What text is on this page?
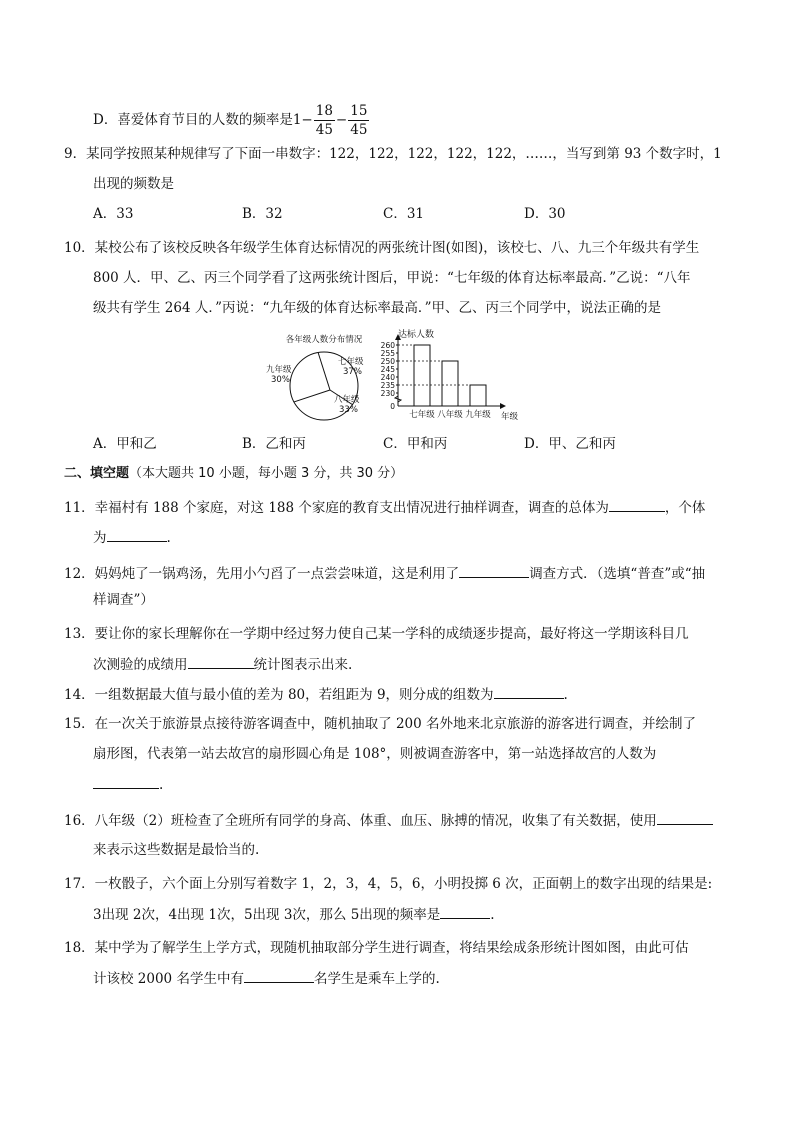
D．喜爱体育节目的人数的频率是$1- \frac{18}{45} - \frac{15}{45}$
9．某同学按照某种规律写了下面一串数字：122，122，122，122，122，……，当写到第 93 个数字时，1
出现的频数是
A．33	B．32	C．31	D．30
10．某校公布了该校反映各年级学生体育达标情况的两张统计图(如图)，该校七、八、九三个年级共有学生
800 人．甲、乙、丙三个同学看了这两张统计图后，甲说：“七年级的体育达标率最高．”乙说：“八年
级共有学生 264 人．”丙说：“九年级的体育达标率最高．”甲、乙、丙三个同学中，说法正确的是
各年级人数分布情况
七年级
37%
八年级
33%
九年级
30%
260
255
250
245
240
235
230
0
七年级 八年级 九年级
达标人数
年级
A．甲和乙	B．乙和丙	C．甲和丙	D．甲、乙和丙
二、填空题（本大题共 10 小题，每小题 3 分，共 30 分）
11．幸福村有 188 个家庭，对这 188 个家庭的教育支出情况进行抽样调查，调查的总体为	，个体
为	.
12．妈妈炖了一锅鸡汤，先用小勺舀了一点尝尝味道，这是利用了	调查方式．（选填“普查”或“抽
样调查”）
13．要让你的家长理解你在一学期中经过努力使自己某一学科的成绩逐步提高，最好将这一学期该科目几
次测验的成绩用	统计图表示出来.
14．一组数据最大值与最小值的差为 80，若组距为 9，则分成的组数为	.
15．在一次关于旅游景点接待游客调查中，随机抽取了 200 名外地来北京旅游的游客进行调查，并绘制了
扇形图，代表第一站去故宫的扇形圆心角是 108°，则被调查游客中，第一站选择故宫的人数为
.
16．八年级（2）班检查了全班所有同学的身高、体重、血压、脉搏的情况，收集了有关数据，使用
来表示这些数据是最恰当的.
17．一枚骰子，六个面上分别写着数字 1，2，3，4，5，6，小明投掷 6 次，正面朝上的数字出现的结果是:
3出现 2次，4出现 1次，5出现 3次，那么 5出现的频率是	.
18．某中学为了解学生上学方式，现随机抽取部分学生进行调查，将结果绘成条形统计图如图，由此可估
计该校 2000 名学生中有	名学生是乘车上学的.
